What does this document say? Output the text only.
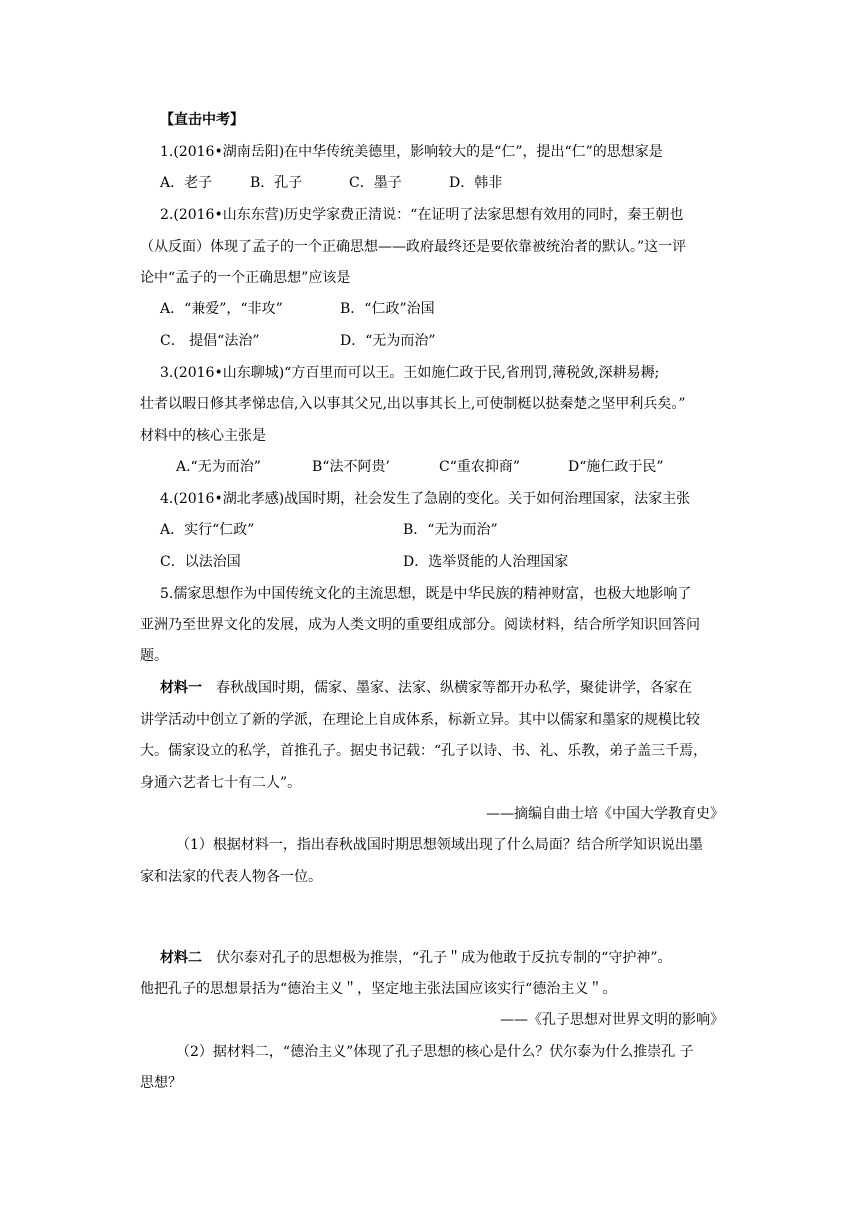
【直击中考】
1.(2016•湖南岳阳)在中华传统美德里，影响较大的是“仁”，提出“仁”的思想家是
A．老子	B．孔子	C．墨子	D．韩非
2.(2016•山东东营)历史学家费正清说：“在证明了法家思想有效用的同时，秦王朝也
（从反面）体现了孟子的一个正确思想——政府最终还是要依靠被统治者的默认。”这一评
论中“孟子的一个正确思想”应该是
A．“兼爱”，“非攻”	B．“仁政”治国
C． 提倡“法治”	D．“无为而治”
3.(2016•山东聊城)“方百里而可以王。王如施仁政于民,省刑罚,薄税敛,深耕易耨;
壮者以暇日修其孝悌忠信,入以事其父兄,出以事其长上,可使制梃以挞秦楚之坚甲利兵矣。”
材料中的核心主张是
A.“无为而治”	B“法不阿贵’	C“重农抑商”	D“施仁政于民”
4.(2016•湖北孝感)战国时期，社会发生了急剧的变化。关于如何治理国家，法家主张
A．实行“仁政”	B．“无为而治”
C．以法治国	D．选举贤能的人治理国家
5.儒家思想作为中国传统文化的主流思想，既是中华民族的精神财富，也极大地影响了
亚洲乃至世界文化的发展，成为人类文明的重要组成部分。阅读材料，结合所学知识回答问
题。
材料一 春秋战国时期，儒家、墨家、法家、纵横家等都开办私学，聚徒讲学，各家在
讲学活动中创立了新的学派，在理论上自成体系，标新立异。其中以儒家和墨家的规模比较
大。儒家设立的私学，首推孔子。据史书记载：“孔子以诗、书、礼、乐教，弟子盖三千焉，
身通六艺者七十有二人”。
——摘编自曲士培《中国大学教育史》
（1）根据材料一，指出春秋战国时期思想领域出现了什么局面？结合所学知识说出墨
家和法家的代表人物各一位。
材料二 伏尔泰对孔子的思想极为推崇，“孔子＂成为他敢于反抗专制的“守护神”。
他把孔子的思想景括为“德治主义＂，坚定地主张法国应该实行“德治主义＂。
——《孔子思想对世界文明的影响》
（2）据材料二，“德治主义”体现了孔子思想的核心是什么？伏尔泰为什么推崇孔 子
思想？
